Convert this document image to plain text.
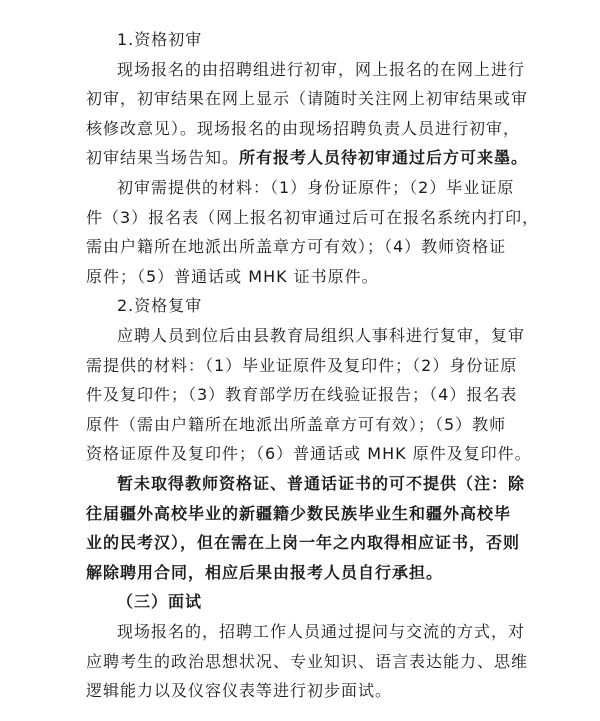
1.资格初审
现场报名的由招聘组进行初审，网上报名的在网上进行
初审，初审结果在网上显示（请随时关注网上初审结果或审
核修改意见）。现场报名的由现场招聘负责人员进行初审，
初审结果当场告知。所有报考人员待初审通过后方可来墨。
初审需提供的材料：（1）身份证原件；（2）毕业证原
件（3）报名表（网上报名初审通过后可在报名系统内打印，
需由户籍所在地派出所盖章方可有效）；（4）教师资格证
原件；（5）普通话或 MHK 证书原件。
2.资格复审
应聘人员到位后由县教育局组织人事科进行复审，复审
需提供的材料：（1）毕业证原件及复印件；（2）身份证原
件及复印件；（3）教育部学历在线验证报告；（4）报名表
原件（需由户籍所在地派出所盖章方可有效）；（5）教师
资格证原件及复印件；（6）普通话或 MHK 原件及复印件。
暂未取得教师资格证、普通话证书的可不提供（注：除
往届疆外高校毕业的新疆籍少数民族毕业生和疆外高校毕
业的民考汉），但在需在上岗一年之内取得相应证书，否则
解除聘用合同，相应后果由报考人员自行承担。
（三）面试
现场报名的，招聘工作人员通过提问与交流的方式，对
应聘考生的政治思想状况、专业知识、语言表达能力、思维
逻辑能力以及仪容仪表等进行初步面试。
